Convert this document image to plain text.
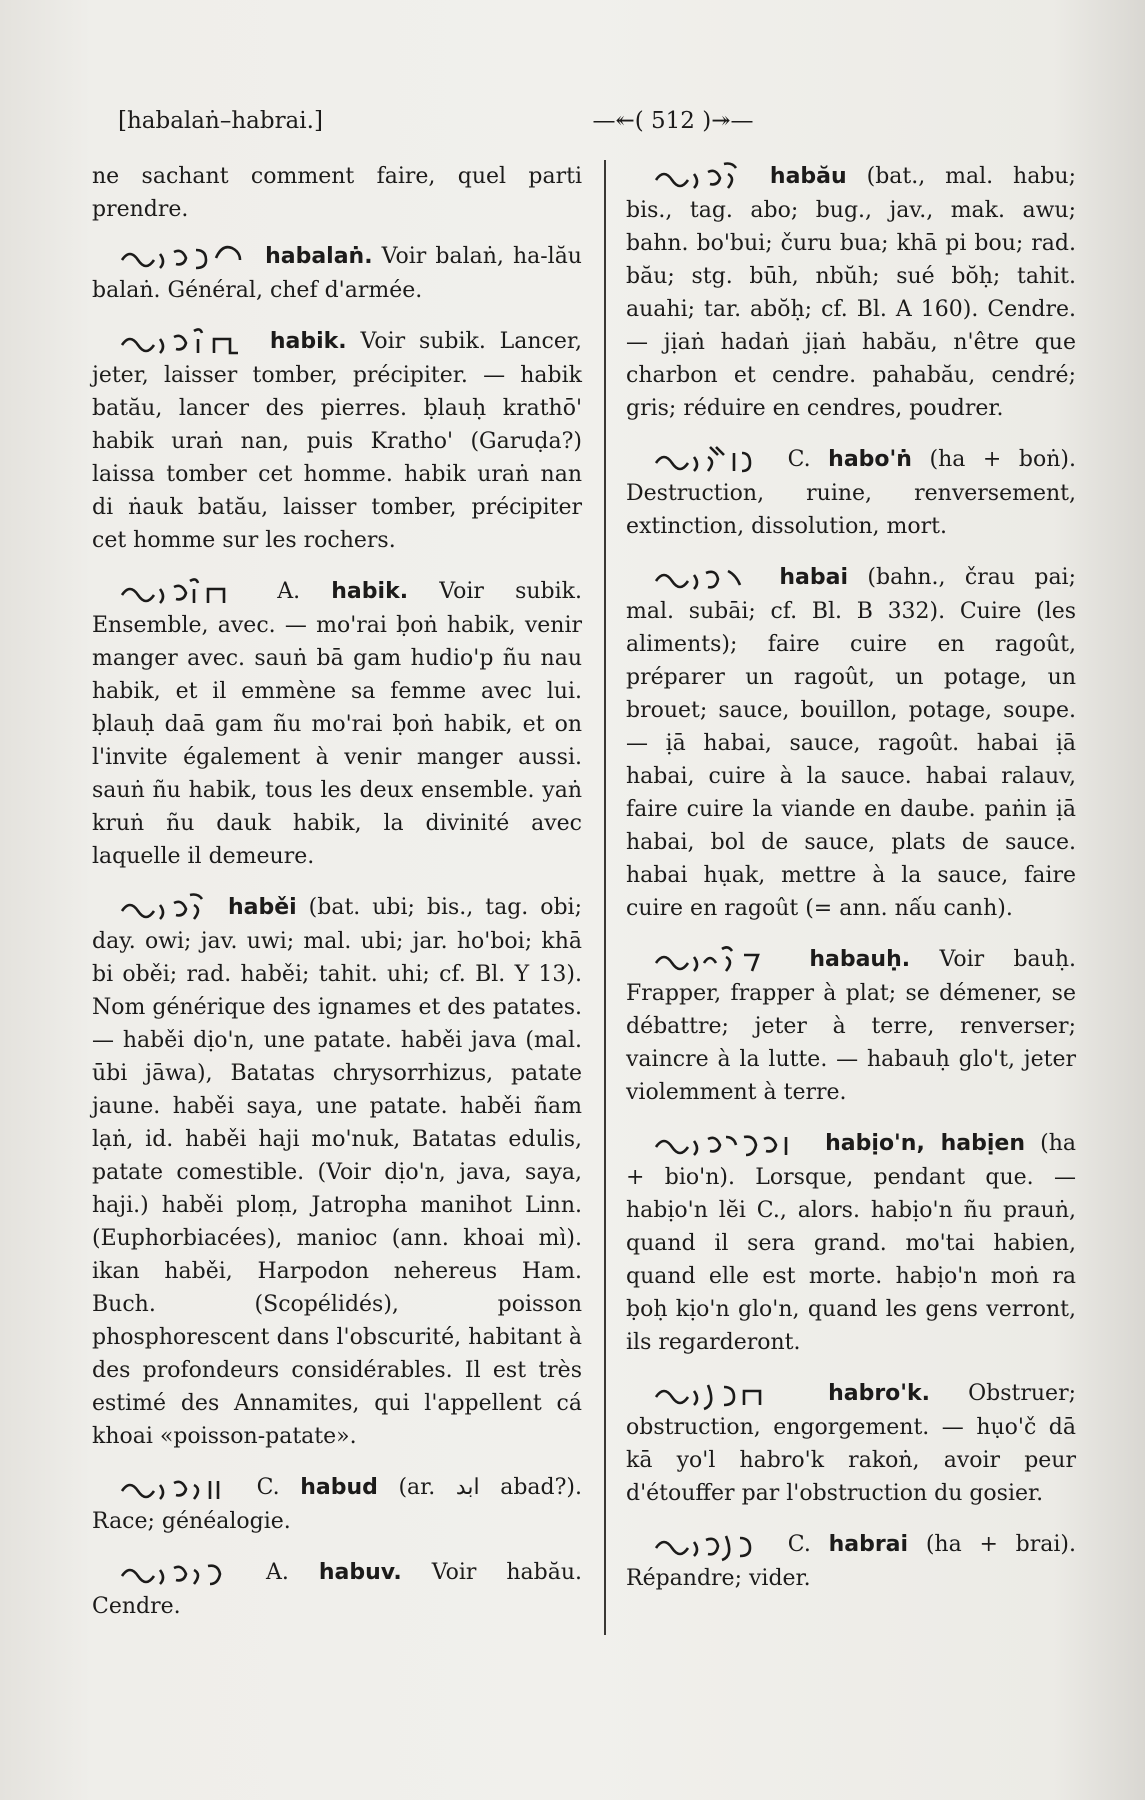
[habalaṅ–habrai.]	—↞( 512 )↠—

ne sachant comment faire, quel parti prendre.

habalaṅ. Voir balaṅ, ha-lău balaṅ. Général, chef d'armée.

habik. Voir subik. Lancer, jeter, laisser tomber, précipiter. — habik batău, lancer des pierres. ḅlauḥ krathō' habik uraṅ nan, puis Kratho' (Garuḍa?) laissa tomber cet homme. habik uraṅ nan di ṅauk batău, laisser tomber, précipiter cet homme sur les rochers.

A. habik. Voir subik. Ensemble, avec. — mo'rai ḅoṅ habik, venir manger avec. sauṅ bā gam hudio'p ñu nau habik, et il emmène sa femme avec lui. ḅlauḥ daā gam ñu mo'rai ḅoṅ habik, et on l'invite également à venir manger aussi. sauṅ ñu habik, tous les deux ensemble. yaṅ kruṅ ñu dauk habik, la divinité avec laquelle il demeure.

haběi (bat. ubi; bis., tag. obi; day. owi; jav. uwi; mal. ubi; jar. ho'boi; khā bi oběi; rad. haběi; tahit. uhi; cf. Bl. Y 13). Nom générique des ignames et des patates. — haběi dịo'n, une patate. haběi java (mal. ūbi jāwa), Batatas chrysorrhizus, patate jaune. haběi saya, une patate. haběi ñam lạṅ, id. haběi haji mo'nuk, Batatas edulis, patate comestible. (Voir dịo'n, java, saya, haji.) haběi ploṃ, Jatropha manihot Linn. (Euphorbiacées), manioc (ann. khoai mì). ikan haběi, Harpodon nehereus Ham. Buch. (Scopélidés), poisson phosphorescent dans l'obscurité, habitant à des profondeurs considérables. Il est très estimé des Annamites, qui l'appellent cá khoai «poisson-patate».

C. habud (ar. ابد abad?). Race; généalogie.

A. habuv. Voir habău. Cendre.

habău (bat., mal. habu; bis., tag. abo; bug., jav., mak. awu; bahn. bo'bui; čuru bua; khā pi bou; rad. bău; stg. būh, nbŭh; sué bŏḥ; tahit. auahi; tar. abŏḥ; cf. Bl. A 160). Cendre. — jịaṅ hadaṅ jịaṅ habău, n'être que charbon et cendre. pahabău, cendré; gris; réduire en cendres, poudrer.

C. habo'ṅ (ha + boṅ). Destruction, ruine, renversement, extinction, dissolution, mort.

habai (bahn., črau pai; mal. subāi; cf. Bl. B 332). Cuire (les aliments); faire cuire en ragoût, préparer un ragoût, un potage, un brouet; sauce, bouillon, potage, soupe. — ịā habai, sauce, ragoût. habai ịā habai, cuire à la sauce. habai ralauv, faire cuire la viande en daube. paṅin ịā habai, bol de sauce, plats de sauce. habai hụak, mettre à la sauce, faire cuire en ragoût (= ann. nấu canh).

habauḥ. Voir bauḥ. Frapper, frapper à plat; se démener, se débattre; jeter à terre, renverser; vaincre à la lutte. — habauḥ glo't, jeter violemment à terre.

habịo'n, habịen (ha + bio'n). Lorsque, pendant que. — habịo'n lĕi C., alors. habịo'n ñu prauṅ, quand il sera grand. mo'tai habien, quand elle est morte. habịo'n moṅ ra ḅoḥ kịo'n glo'n, quand les gens verront, ils regarderont.

habro'k. Obstruer; obstruction, engorgement. — hụo'č dā kā yo'l habro'k rakoṅ, avoir peur d'étouffer par l'obstruction du gosier.

C. habrai (ha + brai). Répandre; vider.
